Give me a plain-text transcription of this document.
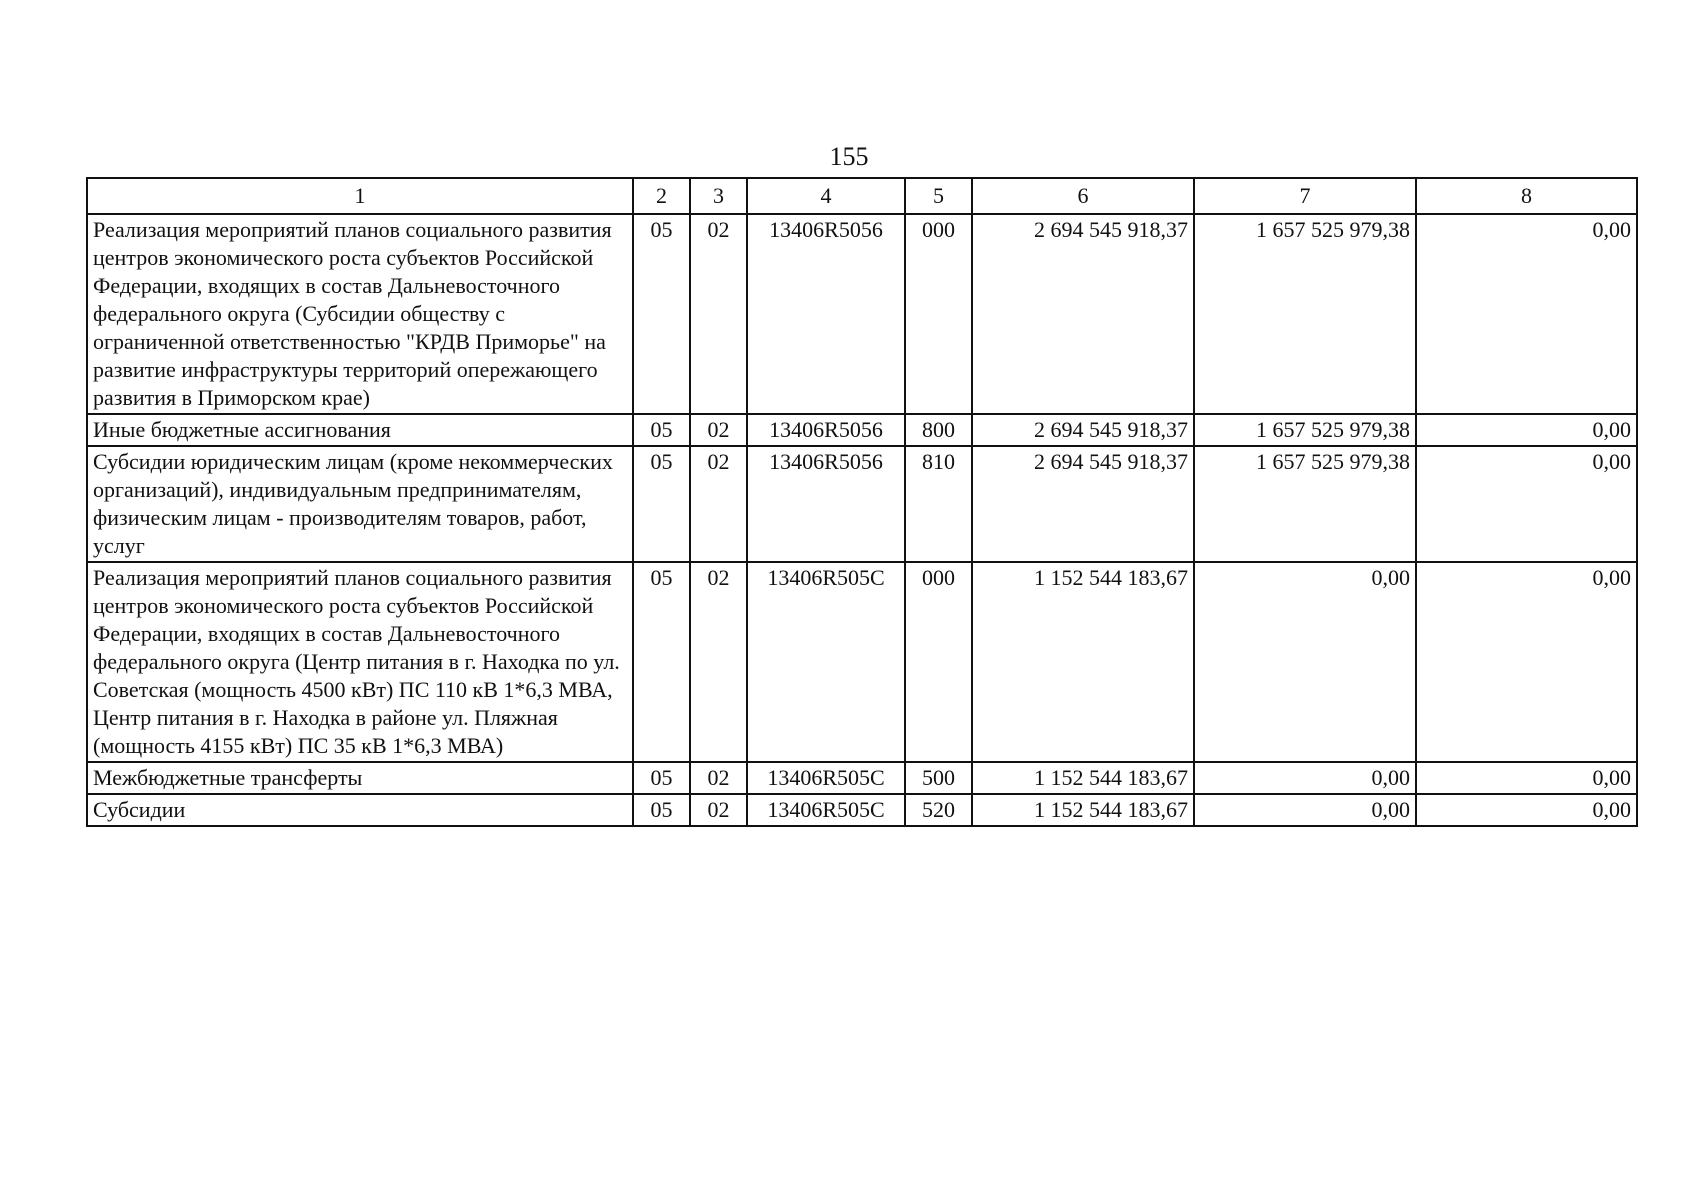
155
1	2	3	4	5	6	7	8
Реализация мероприятий планов социального развития центров экономического роста субъектов Российской Федерации, входящих в состав Дальневосточного федерального округа (Субсидии обществу с ограниченной ответственностью "КРДВ Приморье" на развитие инфраструктуры территорий опережающего развития в Приморском крае)	05	02	13406R5056	000	2 694 545 918,37	1 657 525 979,38	0,00
Иные бюджетные ассигнования	05	02	13406R5056	800	2 694 545 918,37	1 657 525 979,38	0,00
Субсидии юридическим лицам (кроме некоммерческих организаций), индивидуальным предпринимателям, физическим лицам - производителям товаров, работ, услуг	05	02	13406R5056	810	2 694 545 918,37	1 657 525 979,38	0,00
Реализация мероприятий планов социального развития центров экономического роста субъектов Российской Федерации, входящих в состав Дальневосточного федерального округа (Центр питания в г. Находка по ул. Советская (мощность 4500 кВт) ПС 110 кВ 1*6,3 МВА, Центр питания в г. Находка в районе ул. Пляжная (мощность 4155 кВт) ПС 35 кВ 1*6,3 МВА)	05	02	13406R505C	000	1 152 544 183,67	0,00	0,00
Межбюджетные трансферты	05	02	13406R505C	500	1 152 544 183,67	0,00	0,00
Субсидии	05	02	13406R505C	520	1 152 544 183,67	0,00	0,00
